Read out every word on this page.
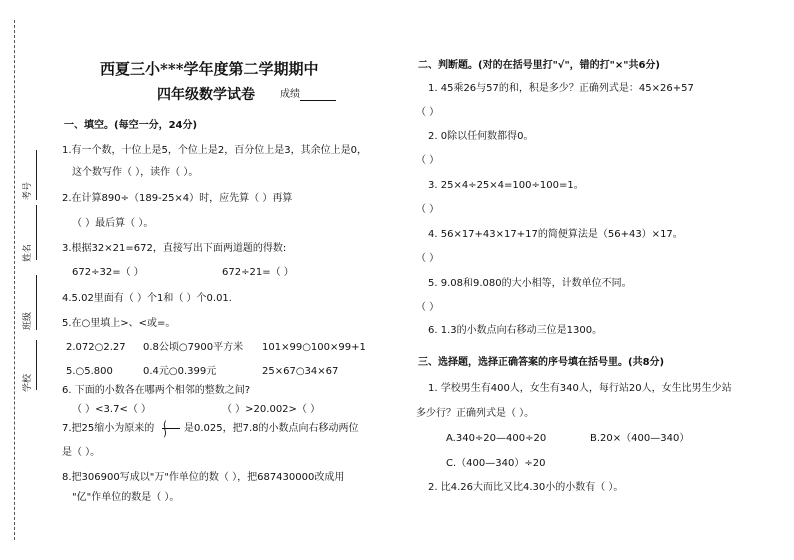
考号
姓名
班级
学校
西夏三小***学年度第二学期期中
四年级数学试卷	成绩
一、填空。(每空一分，24分)
1.有一个数，十位上是5，个位上是2，百分位上是3，其余位上是0，
这个数写作（ ），读作（ ）。
2.在计算890÷（189-25×4）时，应先算（ ）再算
（ ）最后算（ ）。
3.根据32×21=672，直接写出下面两道题的得数:
672÷32=（ ）	672÷21=（ ）
4.5.02里面有（ ）个1和（ ）个0.01.
5.在○里填上>、<或=。
2.072○2.27 0.8公顷○7900平方米 101×99○100×99+1
5.○5.800	0.4元○0.399元	25×67○34×67
6. 下面的小数各在哪两个相邻的整数之间?
（ ）<3.7<（ ）	（ ）>20.002>（ ）
7.把25缩小为原来的 (
) 是0.025，把7.8的小数点向右移动两位
是（ ）。
8.把306900写成以"万"作单位的数（ ），把687430000改成用
"亿"作单位的数是（ ）。
二、判断题。(对的在括号里打"√"，错的打"×"共6分)
1. 45乘26与57的和，积是多少？正确列式是：45×26+57
（ ）
2. 0除以任何数都得0。
（ ）
3. 25×4÷25×4=100÷100=1。
（ ）
4. 56×17+43×17+17的简便算法是（56+43）×17。
（ ）
5. 9.08和9.080的大小相等，计数单位不同。
（ ）
6. 1.3的小数点向右移动三位是1300。
三、选择题，选择正确答案的序号填在括号里。(共8分)
1. 学校男生有400人，女生有340人，每行站20人，女生比男生少站
多少行？正确列式是（ ）。
A.340÷20—400÷20	B.20×（400—340）
C.（400—340）÷20
2. 比4.26大而比又比4.30小的小数有（ ）。
